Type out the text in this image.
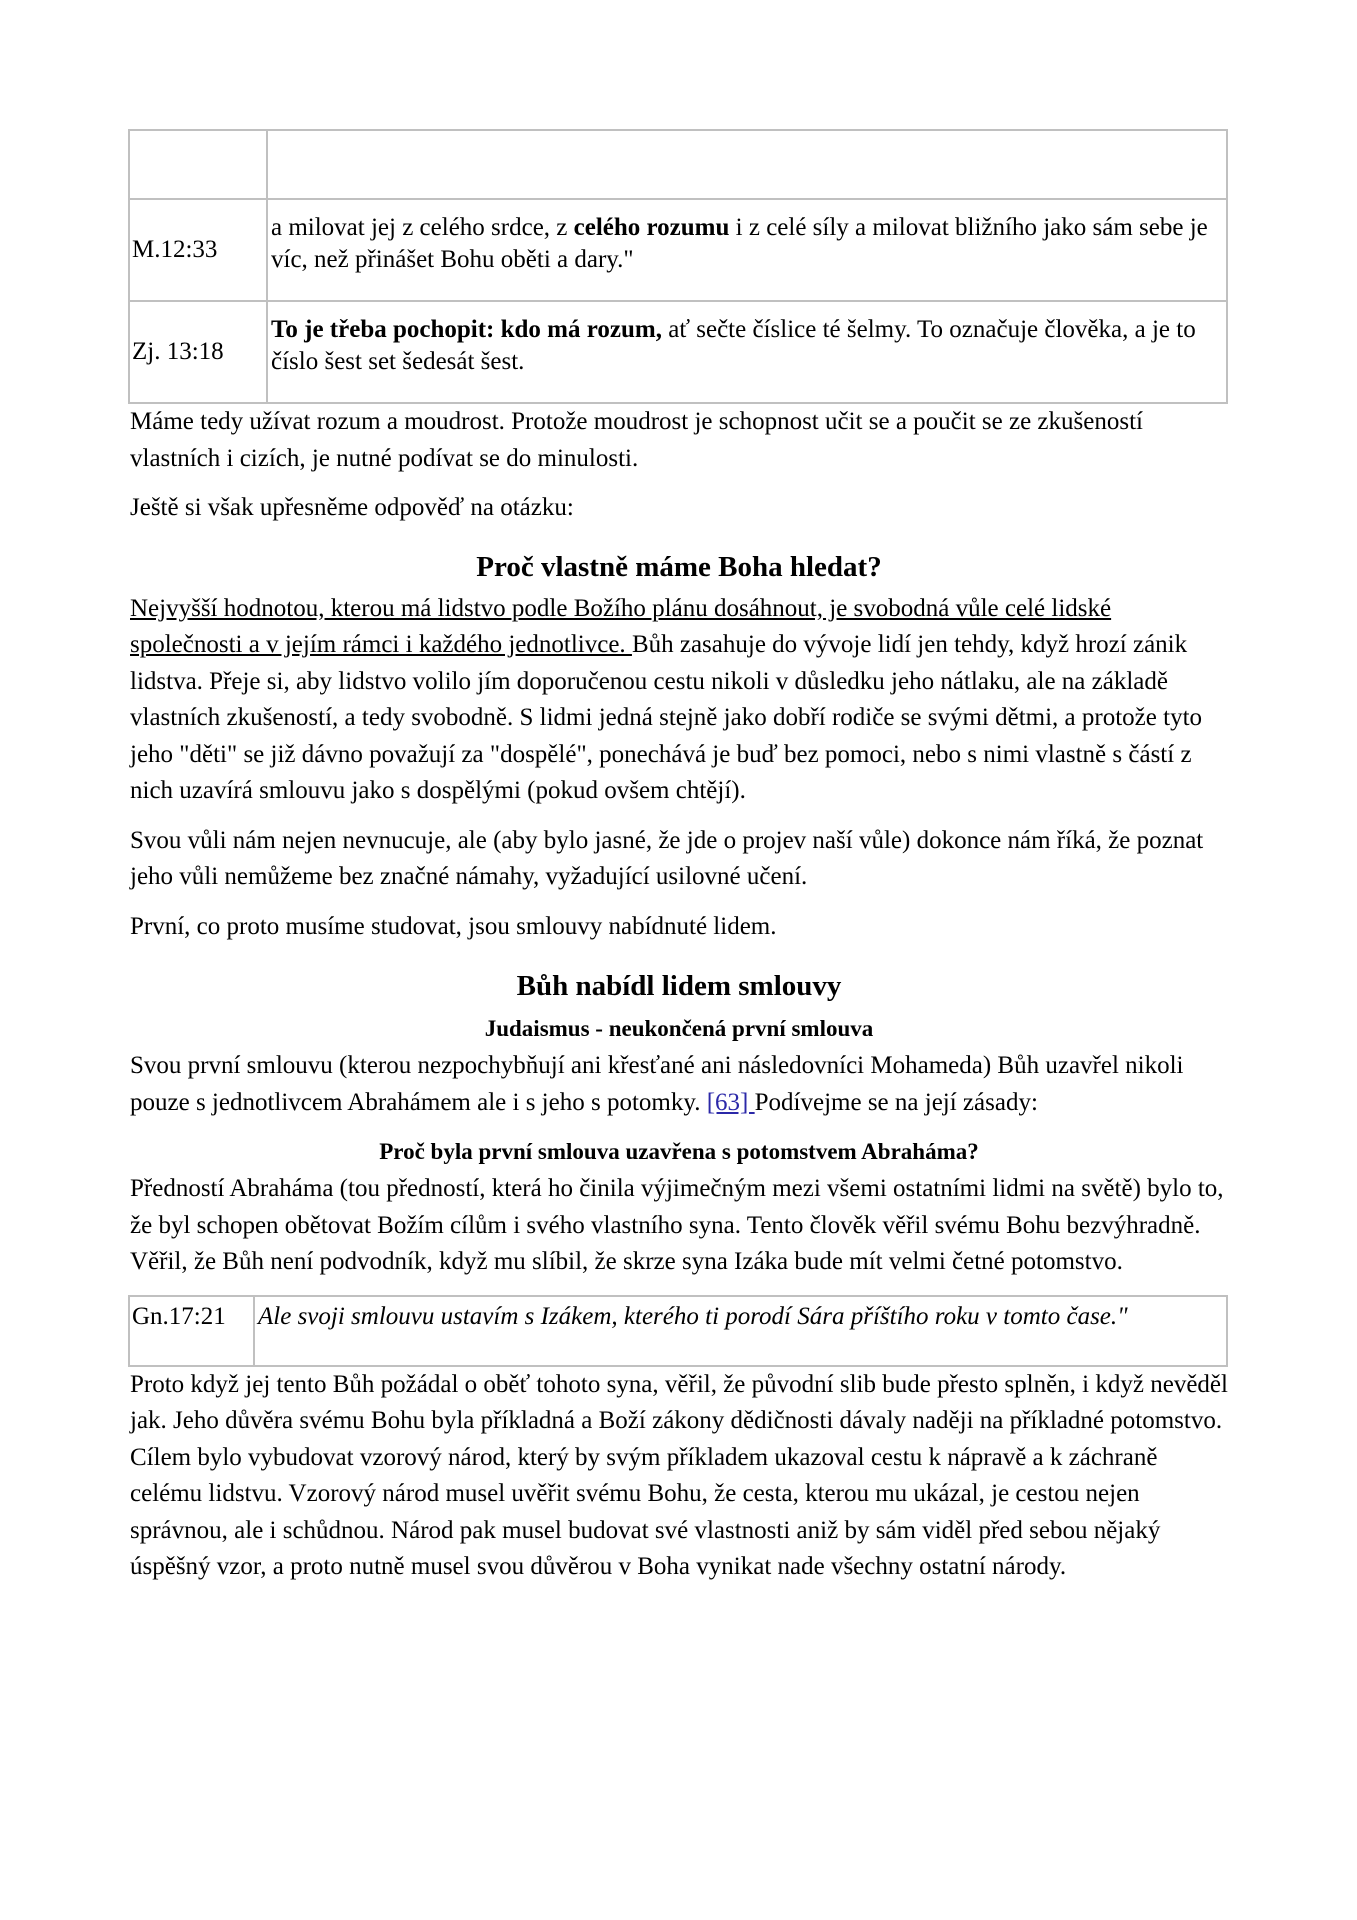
M.12:33	a milovat jej z celého srdce, z celého rozumu i z celé síly a milovat bližního jako sám sebe je víc, než přinášet Bohu oběti a dary."
Zj. 13:18	To je třeba pochopit: kdo má rozum, ať sečte číslice té šelmy. To označuje člověka, a je to číslo šest set šedesát šest.

Máme tedy užívat rozum a moudrost. Protože moudrost je schopnost učit se a poučit se ze zkušeností vlastních i cizích, je nutné podívat se do minulosti.

Ještě si však upřesněme odpověď na otázku:

Proč vlastně máme Boha hledat?

Nejvyšší hodnotou, kterou má lidstvo podle Božího plánu dosáhnout, je svobodná vůle celé lidské společnosti a v jejím rámci i každého jednotlivce. Bůh zasahuje do vývoje lidí jen tehdy, když hrozí zánik lidstva. Přeje si, aby lidstvo volilo jím doporučenou cestu nikoli v důsledku jeho nátlaku, ale na základě vlastních zkušeností, a tedy svobodně. S lidmi jedná stejně jako dobří rodiče se svými dětmi, a protože tyto jeho "děti" se již dávno považují za "dospělé", ponechává je buď bez pomoci, nebo s nimi vlastně s částí z nich uzavírá smlouvu jako s dospělými (pokud ovšem chtějí).

Svou vůli nám nejen nevnucuje, ale (aby bylo jasné, že jde o projev naší vůle) dokonce nám říká, že poznat jeho vůli nemůžeme bez značné námahy, vyžadující usilovné učení.

První, co proto musíme studovat, jsou smlouvy nabídnuté lidem.

Bůh nabídl lidem smlouvy
Judaismus - neukončená první smlouva

Svou první smlouvu (kterou nezpochybňují ani křesťané ani následovníci Mohameda) Bůh uzavřel nikoli pouze s jednotlivcem Abrahámem ale i s jeho s potomky. [63] Podívejme se na její zásady:

Proč byla první smlouva uzavřena s potomstvem Abraháma?

Předností Abraháma (tou předností, která ho činila výjimečným mezi všemi ostatními lidmi na světě) bylo to, že byl schopen obětovat Božím cílům i svého vlastního syna. Tento člověk věřil svému Bohu bezvýhradně. Věřil, že Bůh není podvodník, když mu slíbil, že skrze syna Izáka bude mít velmi četné potomstvo.

Gn.17:21	Ale svoji smlouvu ustavím s Izákem, kterého ti porodí Sára příštího roku v tomto čase."

Proto když jej tento Bůh požádal o oběť tohoto syna, věřil, že původní slib bude přesto splněn, i když nevěděl jak. Jeho důvěra svému Bohu byla příkladná a Boží zákony dědičnosti dávaly naději na příkladné potomstvo. Cílem bylo vybudovat vzorový národ, který by svým příkladem ukazoval cestu k nápravě a k záchraně celému lidstvu. Vzorový národ musel uvěřit svému Bohu, že cesta, kterou mu ukázal, je cestou nejen správnou, ale i schůdnou. Národ pak musel budovat své vlastnosti aniž by sám viděl před sebou nějaký úspěšný vzor, a proto nutně musel svou důvěrou v Boha vynikat nade všechny ostatní národy.
